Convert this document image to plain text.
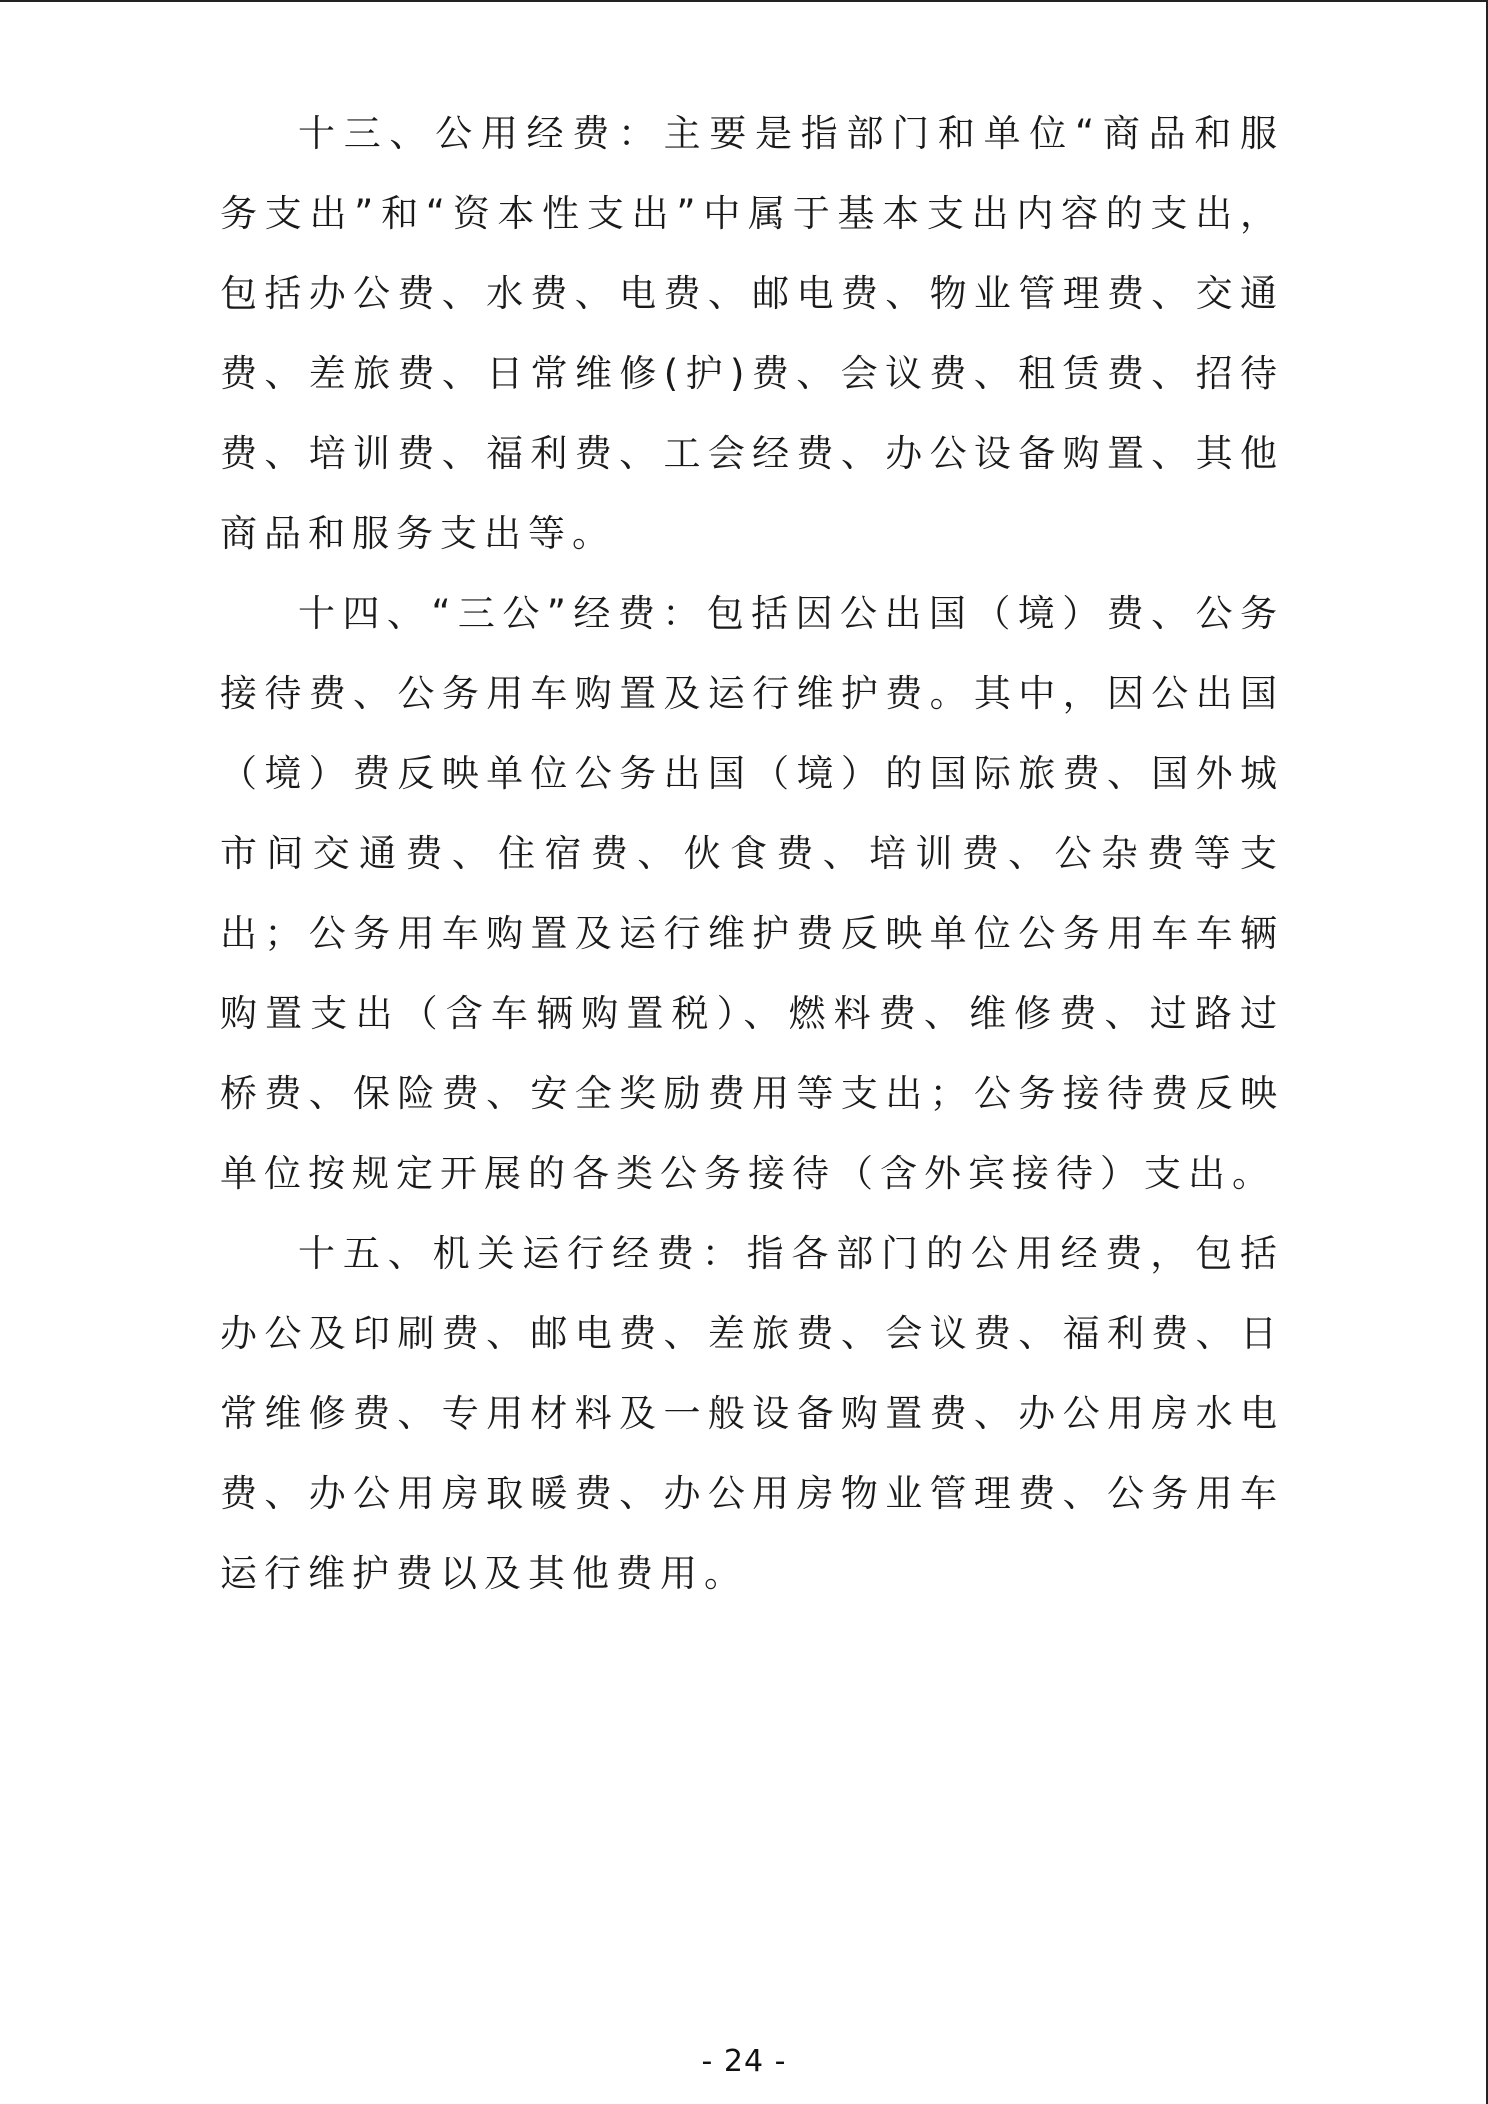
十三、公用经费：主要是指部门和单位“商品和服务支出”和“资本性支出”中属于基本支出内容的支出，包括办公费、水费、电费、邮电费、物业管理费、交通费、差旅费、日常维修(护)费、会议费、租赁费、招待费、培训费、福利费、工会经费、办公设备购置、其他商品和服务支出等。

十四、“三公”经费：包括因公出国（境）费、公务接待费、公务用车购置及运行维护费。其中，因公出国（境）费反映单位公务出国（境）的国际旅费、国外城市间交通费、住宿费、伙食费、培训费、公杂费等支出；公务用车购置及运行维护费反映单位公务用车车辆购置支出（含车辆购置税）、燃料费、维修费、过路过桥费、保险费、安全奖励费用等支出；公务接待费反映单位按规定开展的各类公务接待（含外宾接待）支出。

十五、机关运行经费：指各部门的公用经费，包括办公及印刷费、邮电费、差旅费、会议费、福利费、日常维修费、专用材料及一般设备购置费、办公用房水电费、办公用房取暖费、办公用房物业管理费、公务用车运行维护费以及其他费用。

- 24 -
